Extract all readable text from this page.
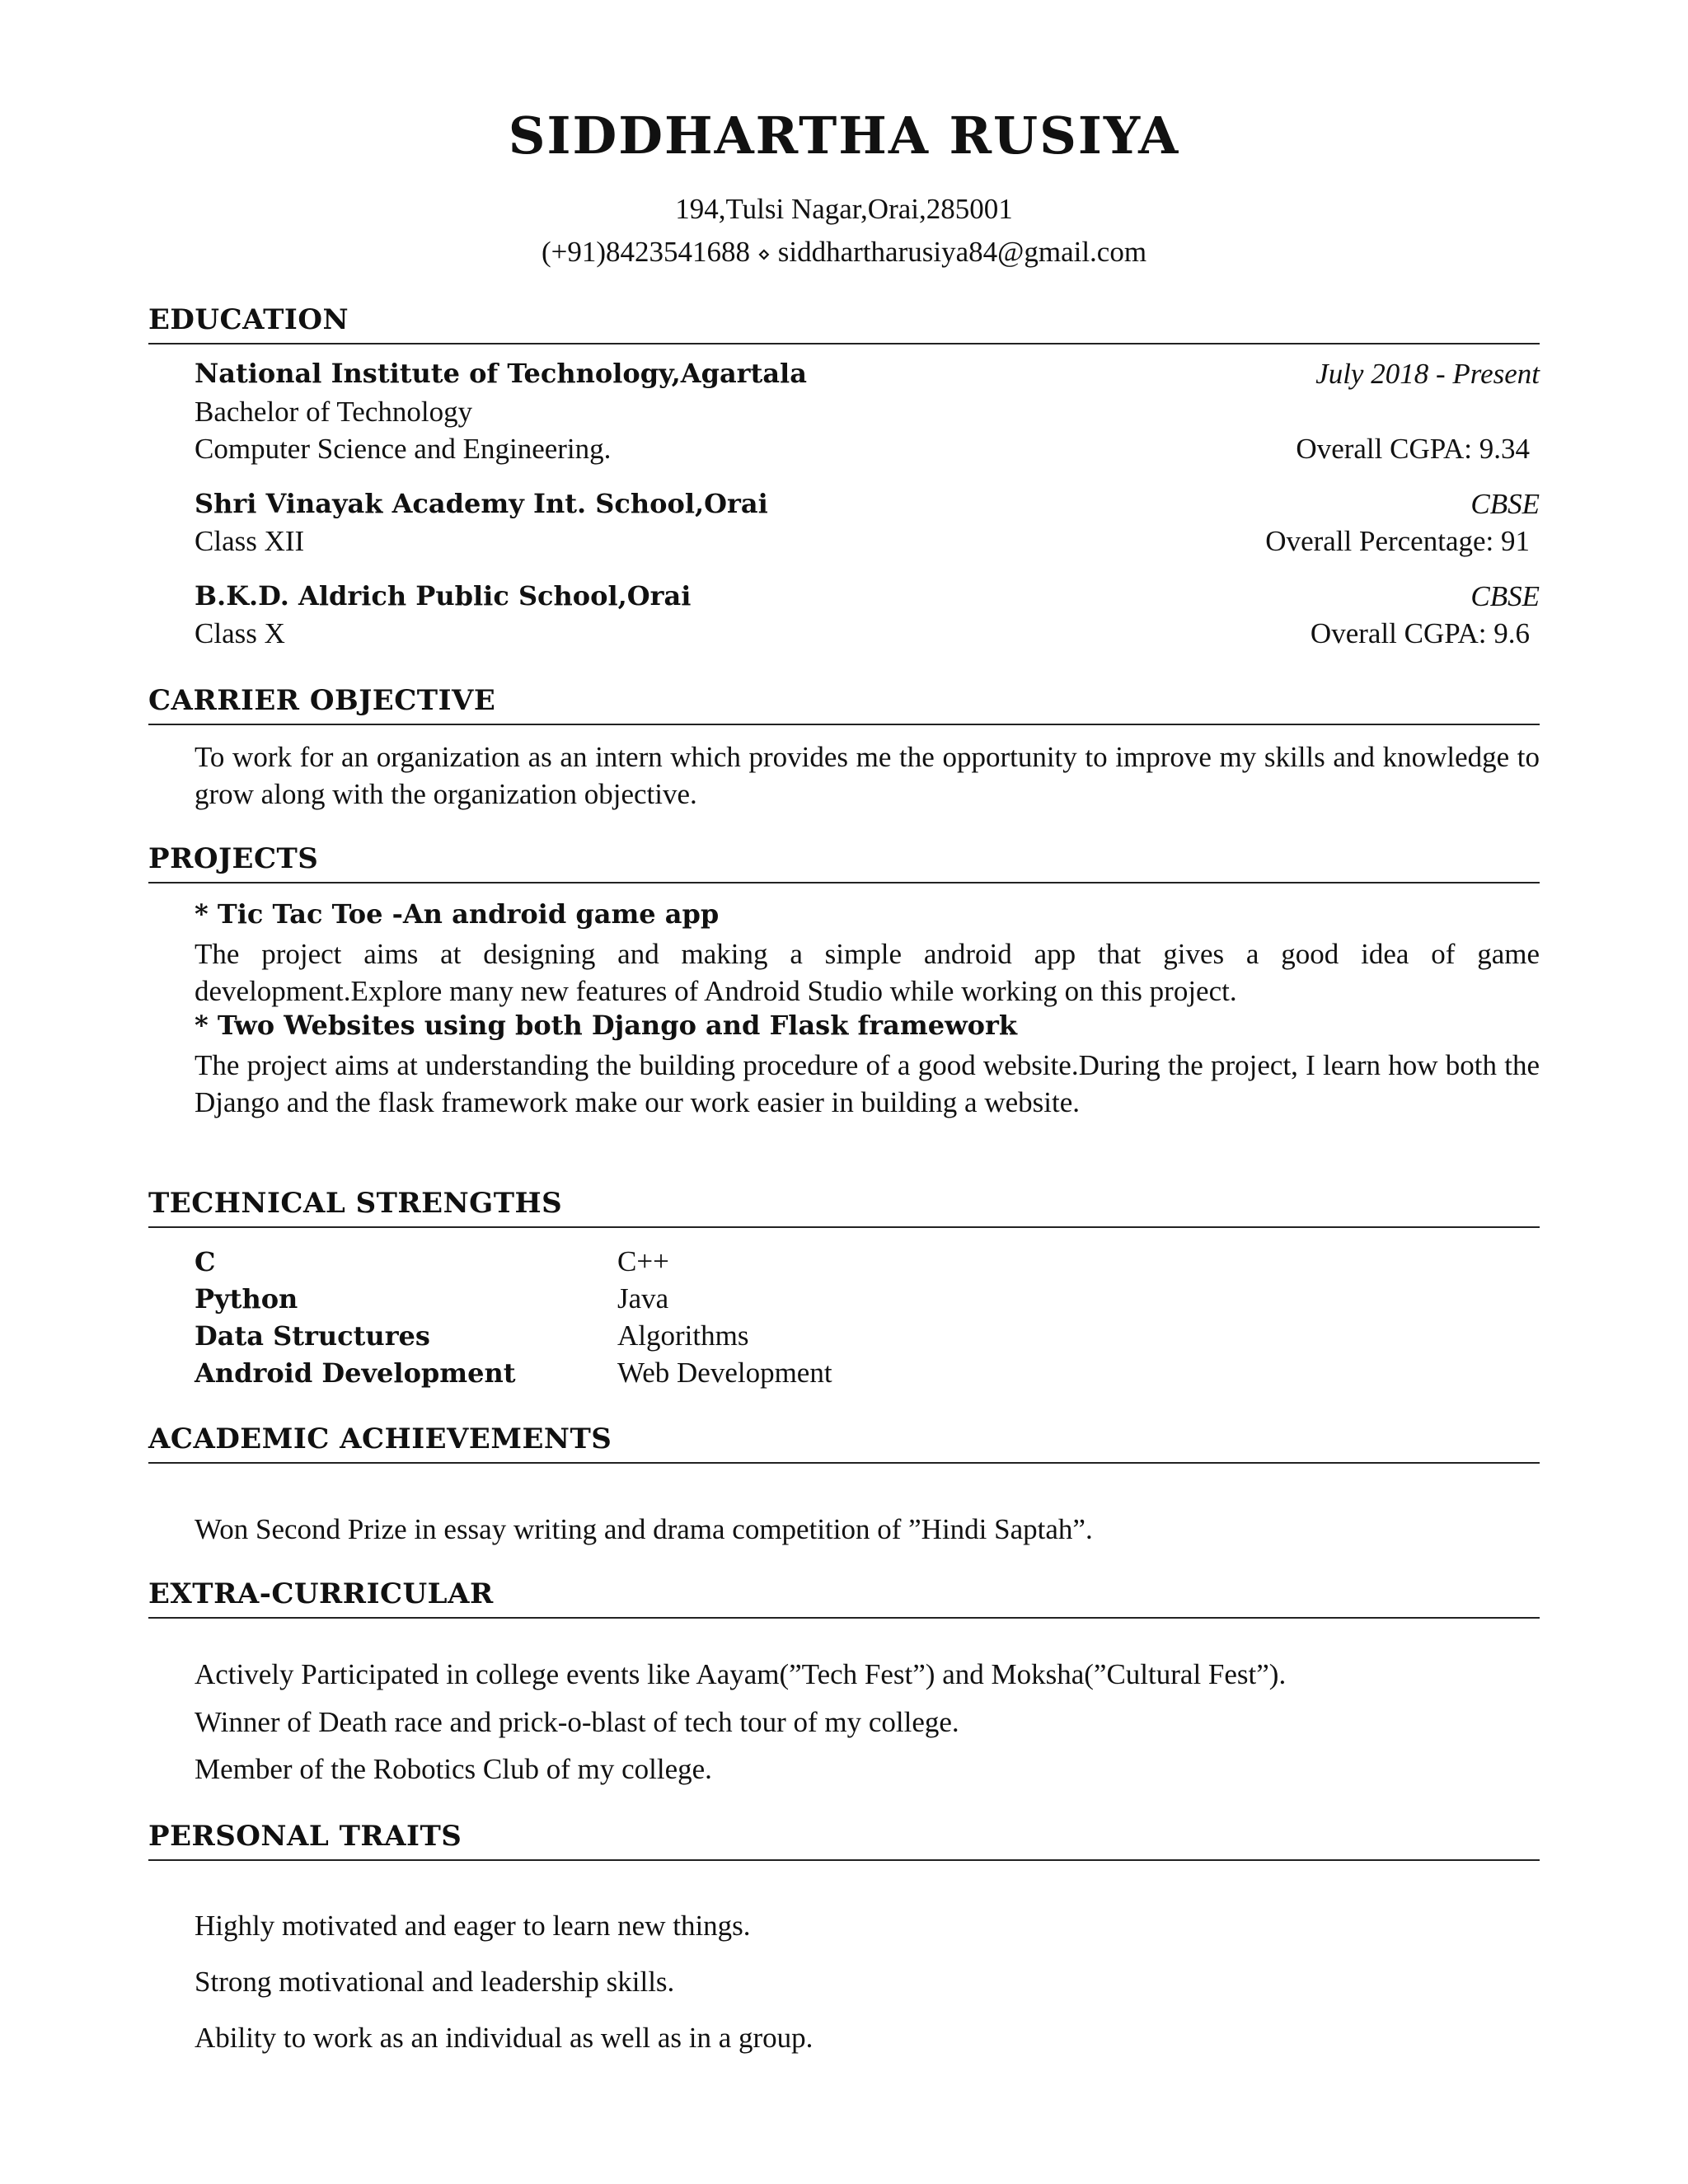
SIDDHARTHA RUSIYA
194,Tulsi Nagar,Orai,285001
(+91)8423541688 ⋄ siddhartharusiya84@gmail.com
EDUCATION
National Institute of Technology,Agartala	July 2018 - Present
Bachelor of Technology
Computer Science and Engineering.	Overall CGPA: 9.34
Shri Vinayak Academy Int. School,Orai	CBSE
Class XII	Overall Percentage: 91
B.K.D. Aldrich Public School,Orai	CBSE
Class X	Overall CGPA: 9.6
CARRIER OBJECTIVE
To work for an organization as an intern which provides me the opportunity to improve my skills and knowledge to grow along with the organization objective.
PROJECTS
* Tic Tac Toe -An android game app
The project aims at designing and making a simple android app that gives a good idea of game development.Explore many new features of Android Studio while working on this project.
* Two Websites using both Django and Flask framework
The project aims at understanding the building procedure of a good website.During the project, I learn how both the Django and the flask framework make our work easier in building a website.
TECHNICAL STRENGTHS
C	C++
Python	Java
Data Structures	Algorithms
Android Development	Web Development
ACADEMIC ACHIEVEMENTS
Won Second Prize in essay writing and drama competition of ”Hindi Saptah”.
EXTRA-CURRICULAR
Actively Participated in college events like Aayam(”Tech Fest”) and Moksha(”Cultural Fest”).
Winner of Death race and prick-o-blast of tech tour of my college.
Member of the Robotics Club of my college.
PERSONAL TRAITS
Highly motivated and eager to learn new things.
Strong motivational and leadership skills.
Ability to work as an individual as well as in a group.
